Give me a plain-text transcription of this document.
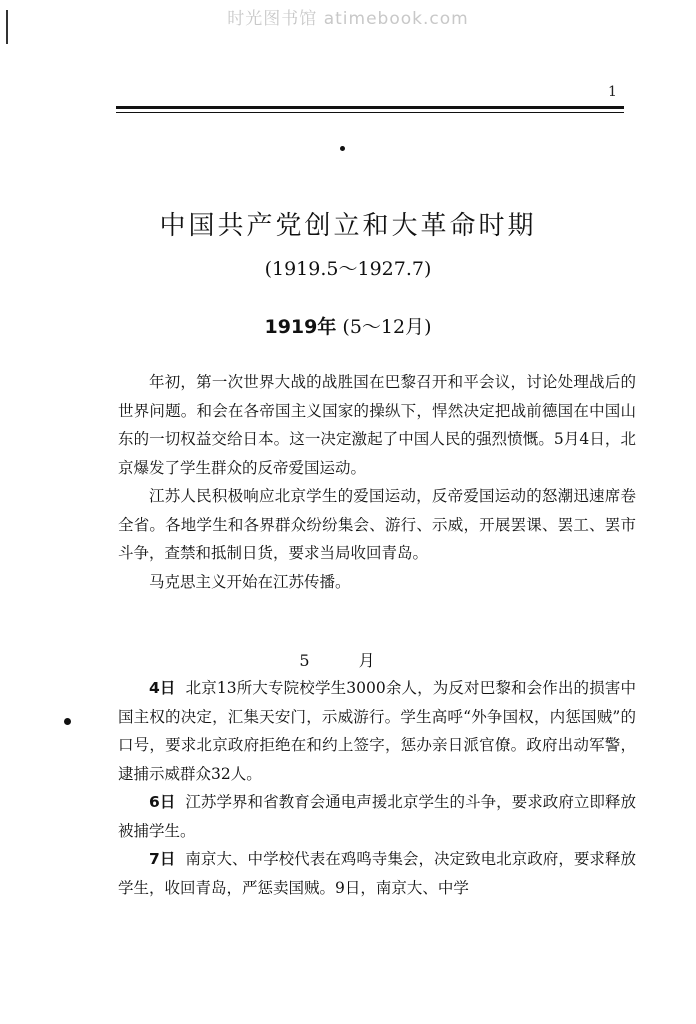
时光图书馆 atimebook.com
1
中国共产党创立和大革命时期
(1919.5～1927.7)
1919年 (5～12月)

年初，第一次世界大战的战胜国在巴黎召开和平会议，讨论处理战后的世界问题。和会在各帝国主义国家的操纵下，悍然决定把战前德国在中国山东的一切权益交给日本。这一决定激起了中国人民的强烈愤慨。5月4日，北京爆发了学生群众的反帝爱国运动。

江苏人民积极响应北京学生的爱国运动，反帝爱国运动的怒潮迅速席卷全省。各地学生和各界群众纷纷集会、游行、示威，开展罢课、罢工、罢市斗争，查禁和抵制日货，要求当局收回青岛。

马克思主义开始在江苏传播。

5 月

4日 北京13所大专院校学生3000余人，为反对巴黎和会作出的损害中国主权的决定，汇集天安门，示威游行。学生高呼“外争国权，内惩国贼”的口号，要求北京政府拒绝在和约上签字，惩办亲日派官僚。政府出动军警，逮捕示威群众32人。

6日 江苏学界和省教育会通电声援北京学生的斗争，要求政府立即释放被捕学生。

7日 南京大、中学校代表在鸡鸣寺集会，决定致电北京政府，要求释放学生，收回青岛，严惩卖国贼。9日，南京大、中学
